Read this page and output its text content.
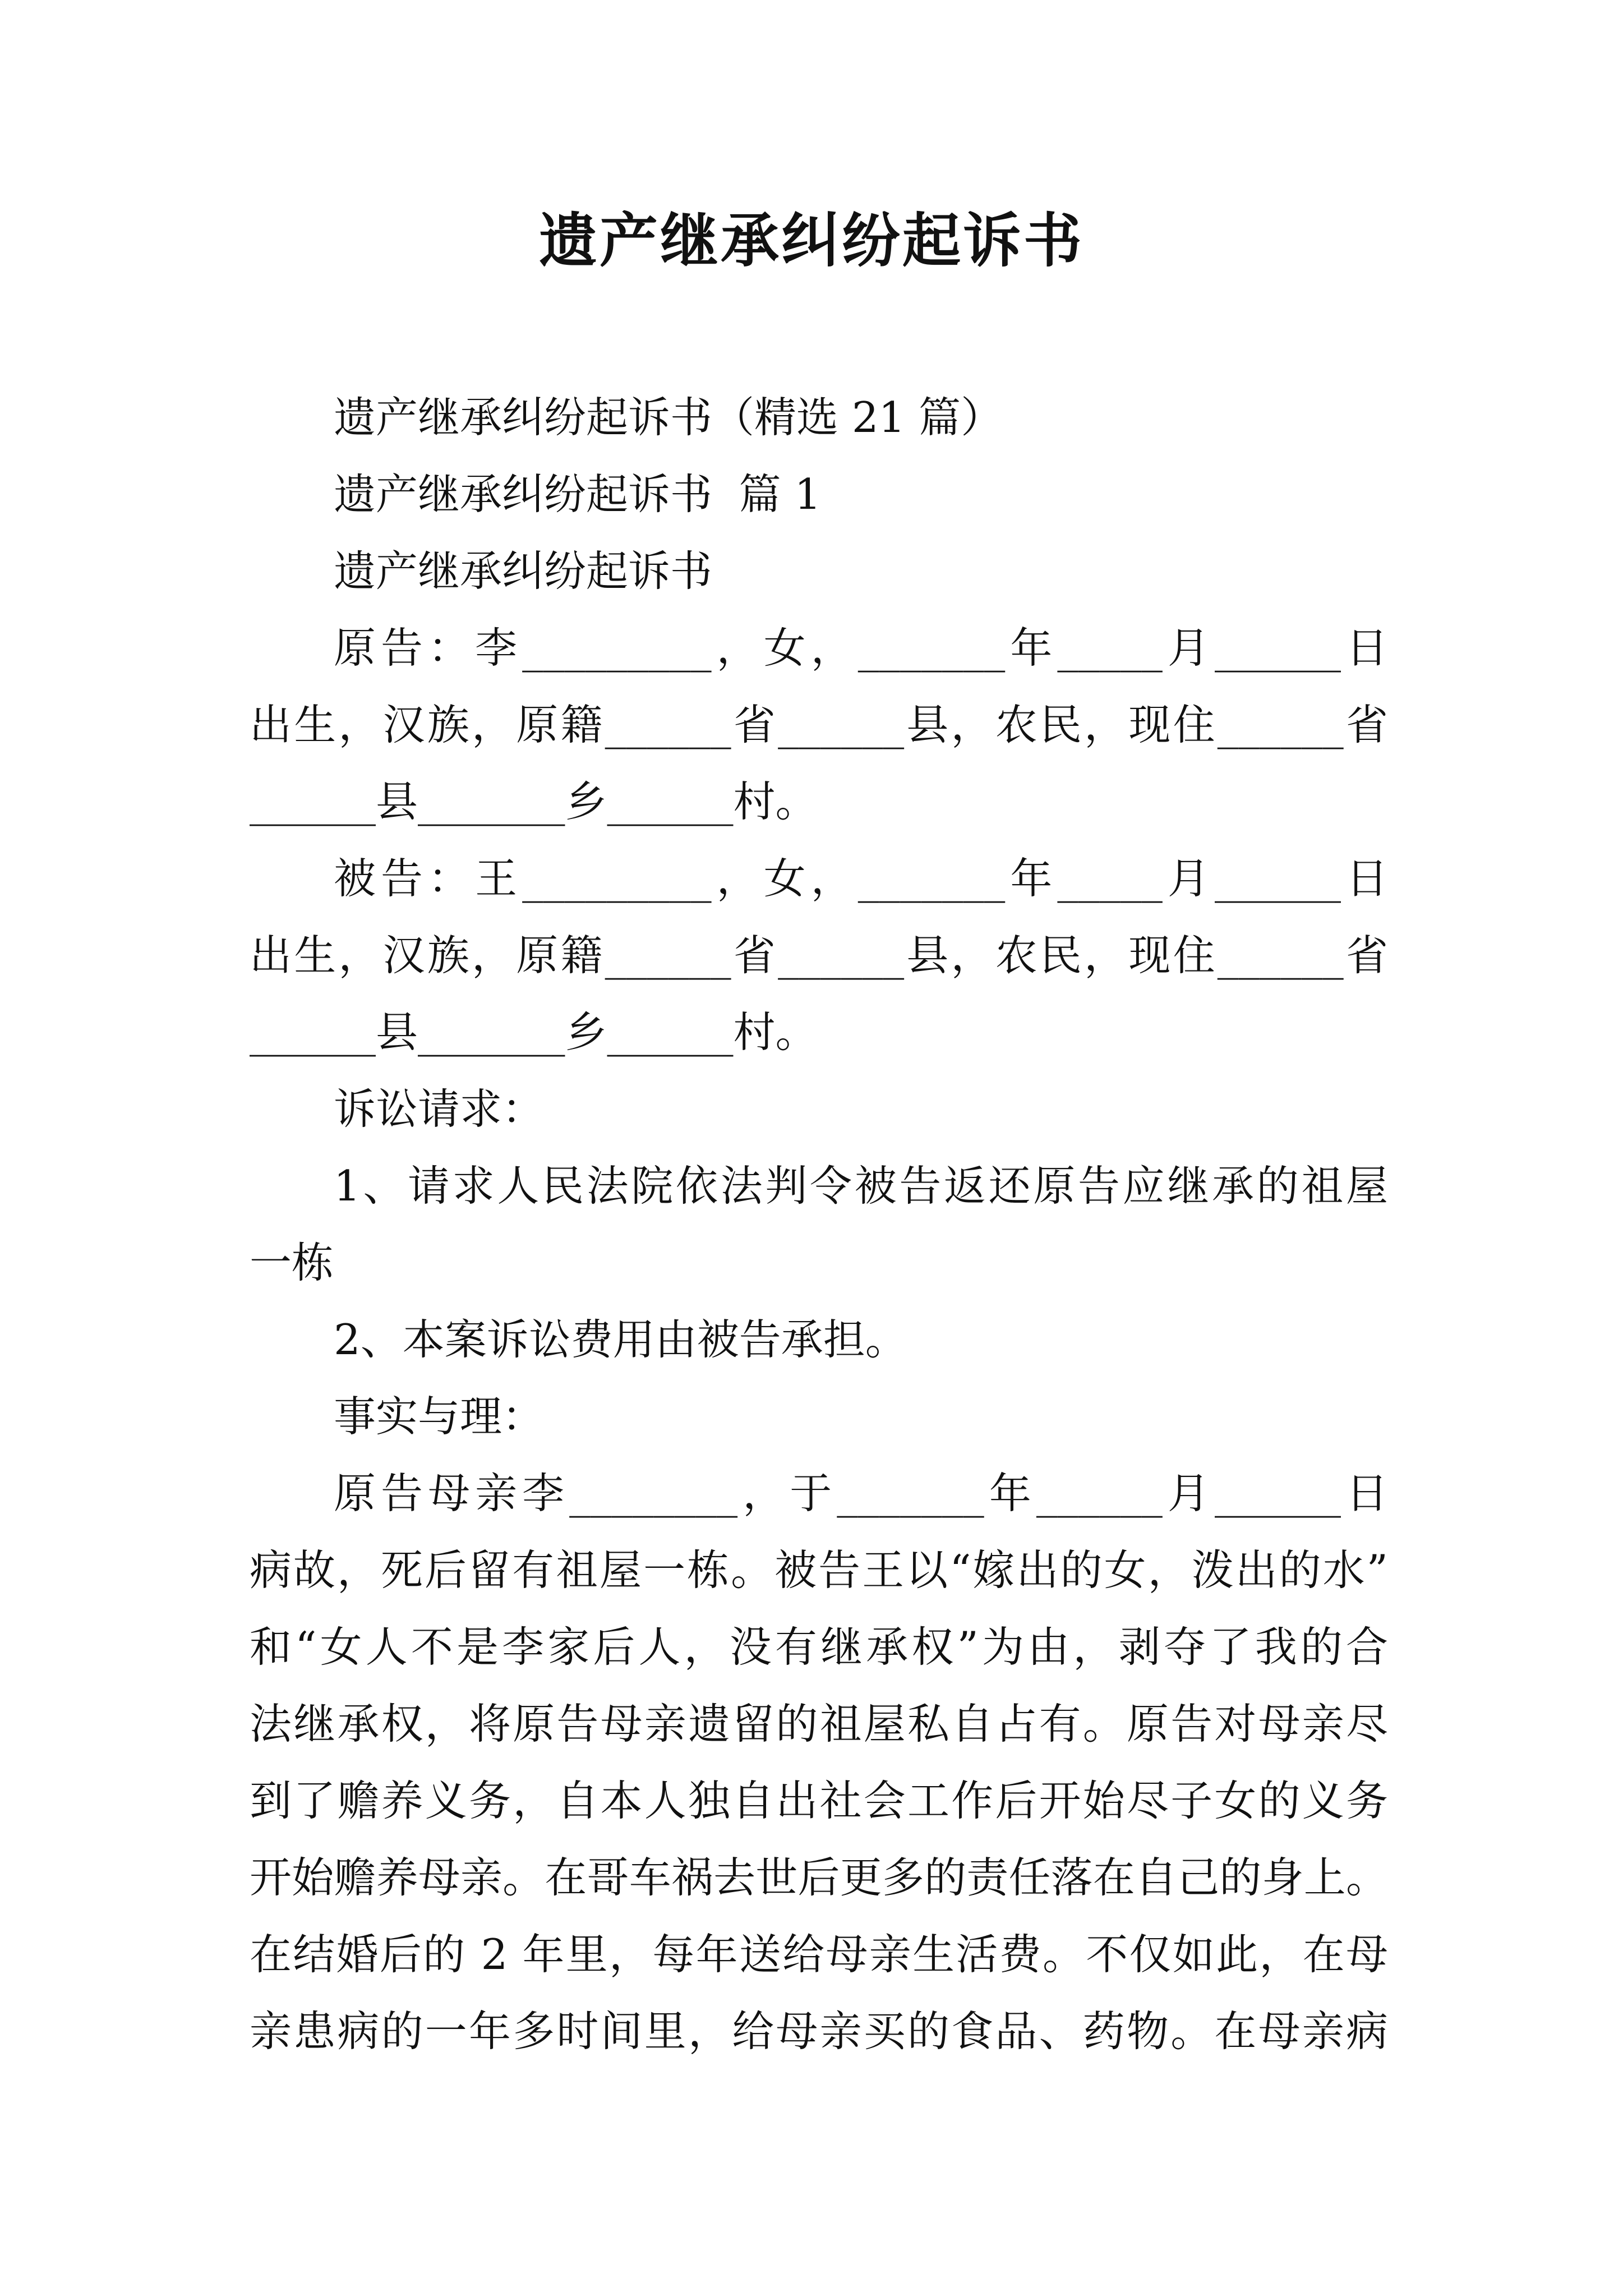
遗产继承纠纷起诉书
遗产继承纠纷起诉书（精选 21 篇）
遗产继承纠纷起诉书  篇 1
遗产继承纠纷起诉书
原告：李_________，女，_______年_____月______日
出生，汉族，原籍______省______县，农民，现住______省
______县_______乡______村。
被告：王_________，女，_______年_____月______日
出生，汉族，原籍______省______县，农民，现住______省
______县_______乡______村。
诉讼请求：
1、请求人民法院依法判令被告返还原告应继承的祖屋
一栋
2、本案诉讼费用由被告承担。
事实与理：
原告母亲李________，于_______年______月______日
病故，死后留有祖屋一栋。被告王以“嫁出的女，泼出的水”
和“女人不是李家后人，没有继承权”为由，剥夺了我的合
法继承权，将原告母亲遗留的祖屋私自占有。原告对母亲尽
到了赡养义务，自本人独自出社会工作后开始尽子女的义务
开始赡养母亲。在哥车祸去世后更多的责任落在自己的身上。
在结婚后的 2 年里，每年送给母亲生活费。不仅如此，在母
亲患病的一年多时间里，给母亲买的食品、药物。在母亲病
